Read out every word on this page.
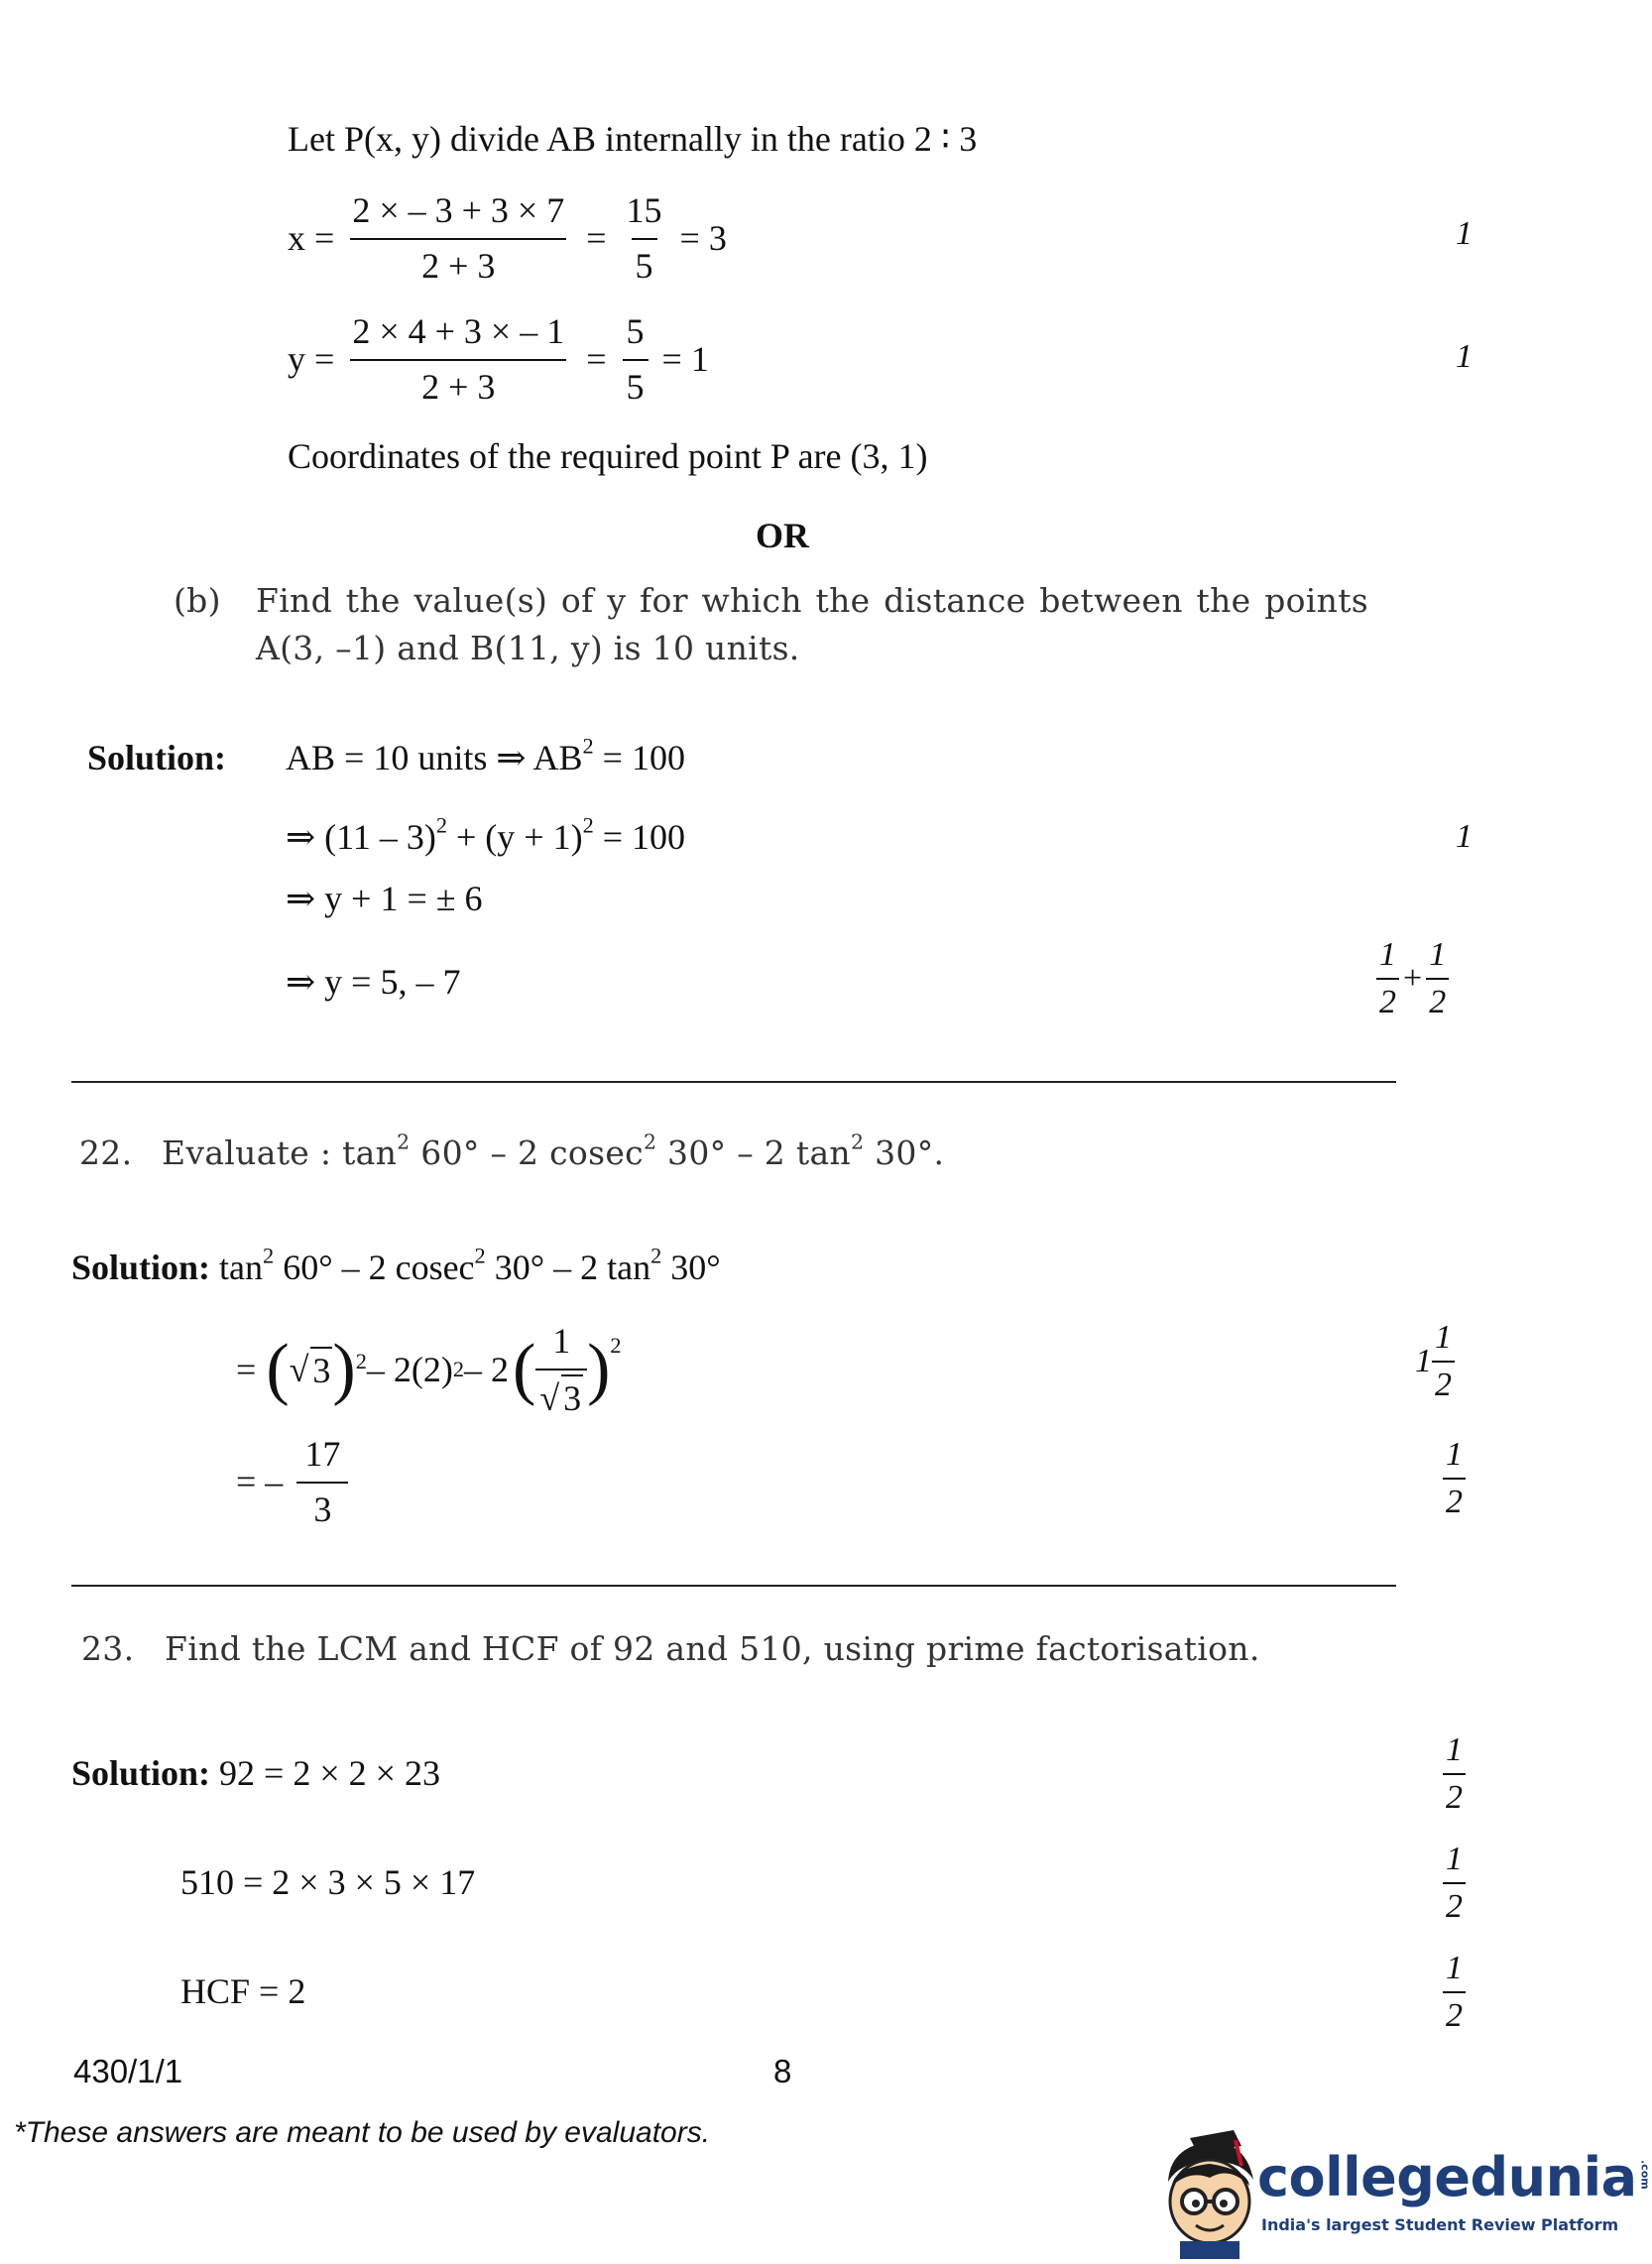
Let P(x, y) divide AB internally in the ratio 2 ∶ 3
$x = \frac{2 \times - 3 + 3 \times 7}{2 + 3} = \frac{15}{5} = 3$	1
$y = \frac{2 \times 4 + 3 \times - 1}{2 + 3} = \frac{5}{5} = 1$	1
Coordinates of the required point P are (3, 1)
OR
(b) Find the value(s) of y for which the distance between the points
A(3, –1) and B(11, y) is 10 units.
Solution: AB = 10 units ⇒ $AB^2 = 100$
⇒ $(11 - 3)^2 + (y + 1)^2 = 100$	1
⇒ y + 1 = ± 6
⇒ y = 5, – 7	$\frac{1}{2} + \frac{1}{2}$
22. Evaluate : $\tan^2 60^\circ - 2$ cosec$^2$ 30° – 2 $\tan^2 30^\circ$.
Solution: $\tan^2 60^\circ - 2$ cosec$^2$ 30° – 2 $\tan^2 30^\circ$
= ( √ 3 )$^2$ – 2(2) 2 – 2 ( $\frac{1}{√ 3} )^2$	$1 \frac{1}{2}$
= – $\frac{17}{3}$	$\frac{1}{2}$
23. Find the LCM and HCF of 92 and 510, using prime factorisation.
Solution: 92 = 2 × 2 × 23	$\frac{1}{2}$
510 = 2 × 3 × 5 × 17	$\frac{1}{2}$
HCF = 2	$\frac{1}{2}$
430/1/1	8
*These answers are meant to be used by evaluators.
collegedunia .com
India's largest Student Review Platform
